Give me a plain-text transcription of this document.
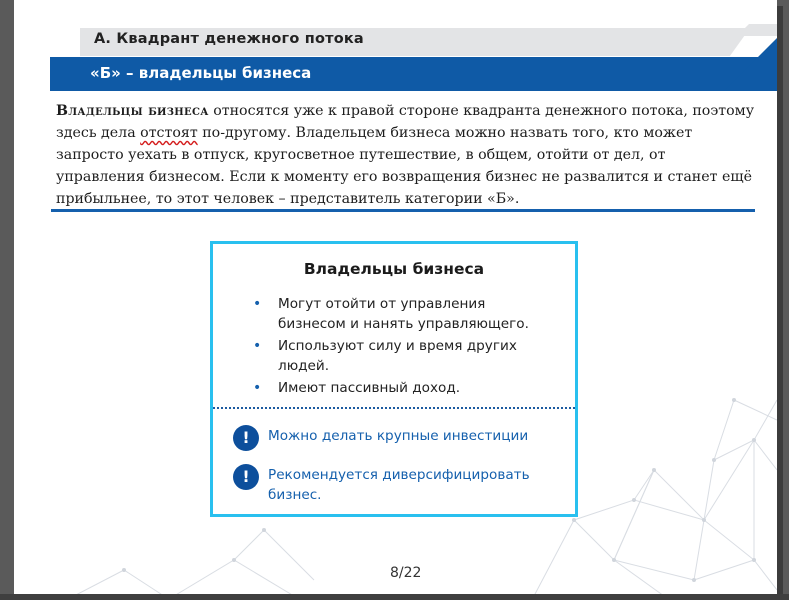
А. Квадрант денежного потока
«Б» – владельцы бизнеса

Владельцы бизнеса относятся уже к правой стороне квадранта денежного потока, поэтому здесь дела отстоят по-другому. Владельцем бизнеса можно назвать того, кто может запросто уехать в отпуск, кругосветное путешествие, в общем, отойти от дел, от управления бизнесом. Если к моменту его возвращения бизнес не развалится и станет ещё прибыльнее, то этот человек – представитель категории «Б».

Владельцы бизнеса
• Могут отойти от управления бизнесом и нанять управляющего.
• Используют силу и время других людей.
• Имеют пассивный доход.
!	Можно делать крупные инвестиции
!	Рекомендуется диверсифицировать бизнес.
8/22
